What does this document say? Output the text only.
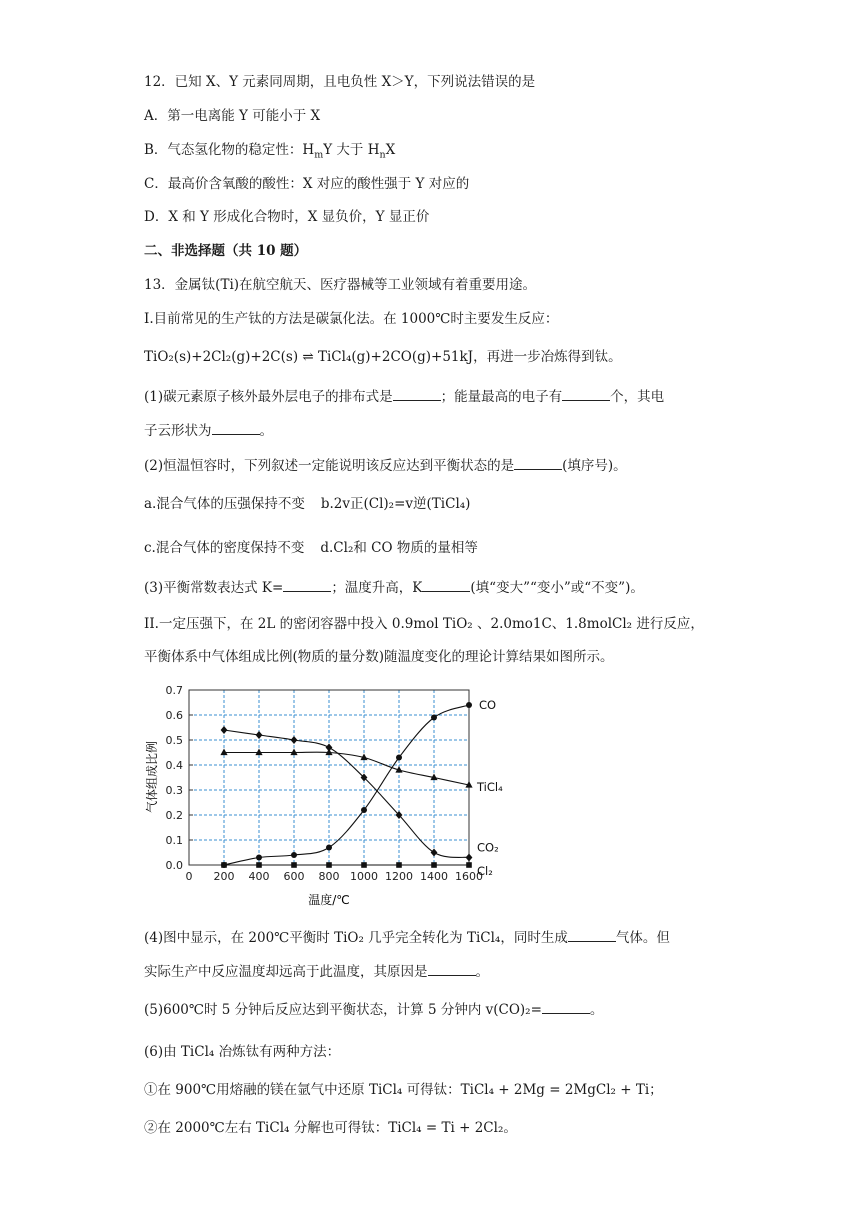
12．已知 X、Y 元素同周期，且电负性 X＞Y，下列说法错误的是
A．第一电离能 Y 可能小于 X
B．气态氢化物的稳定性：$H_mY$ 大于 $H_nX$
C．最高价含氧酸的酸性：X 对应的酸性强于 Y 对应的
D．X 和 Y 形成化合物时，X 显负价，Y 显正价
二、非选择题（共 10 题）
13．金属钛(Ti)在航空航天、医疗器械等工业领域有着重要用途。
I.目前常见的生产钛的方法是碳氯化法。在 1000℃时主要发生反应：
TiO₂(s)+2Cl₂(g)+2C(s) ⇌ TiCl₄(g)+2CO(g)+51kJ，再进一步冶炼得到钛。
(1)碳元素原子核外最外层电子的排布式是	；能量最高的电子有	个，其电
子云形状为	。
(2)恒温恒容时，下列叙述一定能说明该反应达到平衡状态的是	(填序号)。
a.混合气体的压强保持不变 b.2v正(Cl)₂=v逆(TiCl₄)
c.混合气体的密度保持不变 d.Cl₂和 CO 物质的量相等
(3)平衡常数表达式 K=	；温度升高，K	(填“变大”“变小”或“不变”)。
II.一定压强下，在 2L 的密闭容器中投入 0.9mol TiO₂ 、2.0mo1C、1.8molCl₂ 进行反应，
平衡体系中气体组成比例(物质的量分数)随温度变化的理论计算结果如图所示。
0 200 400 600 800 1000 1200 1400 1600
0.0
0.1
0.2
0.3
0.4
0.5
0.6
0.7
CO
TiCl₄
CO₂
Cl₂
温度/℃
气体组成比例
(4)图中显示，在 200℃平衡时 TiO₂ 几乎完全转化为 TiCl₄，同时生成	气体。但
实际生产中反应温度却远高于此温度，其原因是	。
(5)600℃时 5 分钟后反应达到平衡状态，计算 5 分钟内 v(CO)₂=	。
(6)由 TiCl₄ 冶炼钛有两种方法：
①在 900℃用熔融的镁在氩气中还原 TiCl₄ 可得钛：TiCl₄ + 2Mg = 2MgCl₂ + Ti；
②在 2000℃左右 TiCl₄ 分解也可得钛：TiCl₄ = Ti + 2Cl₂。
